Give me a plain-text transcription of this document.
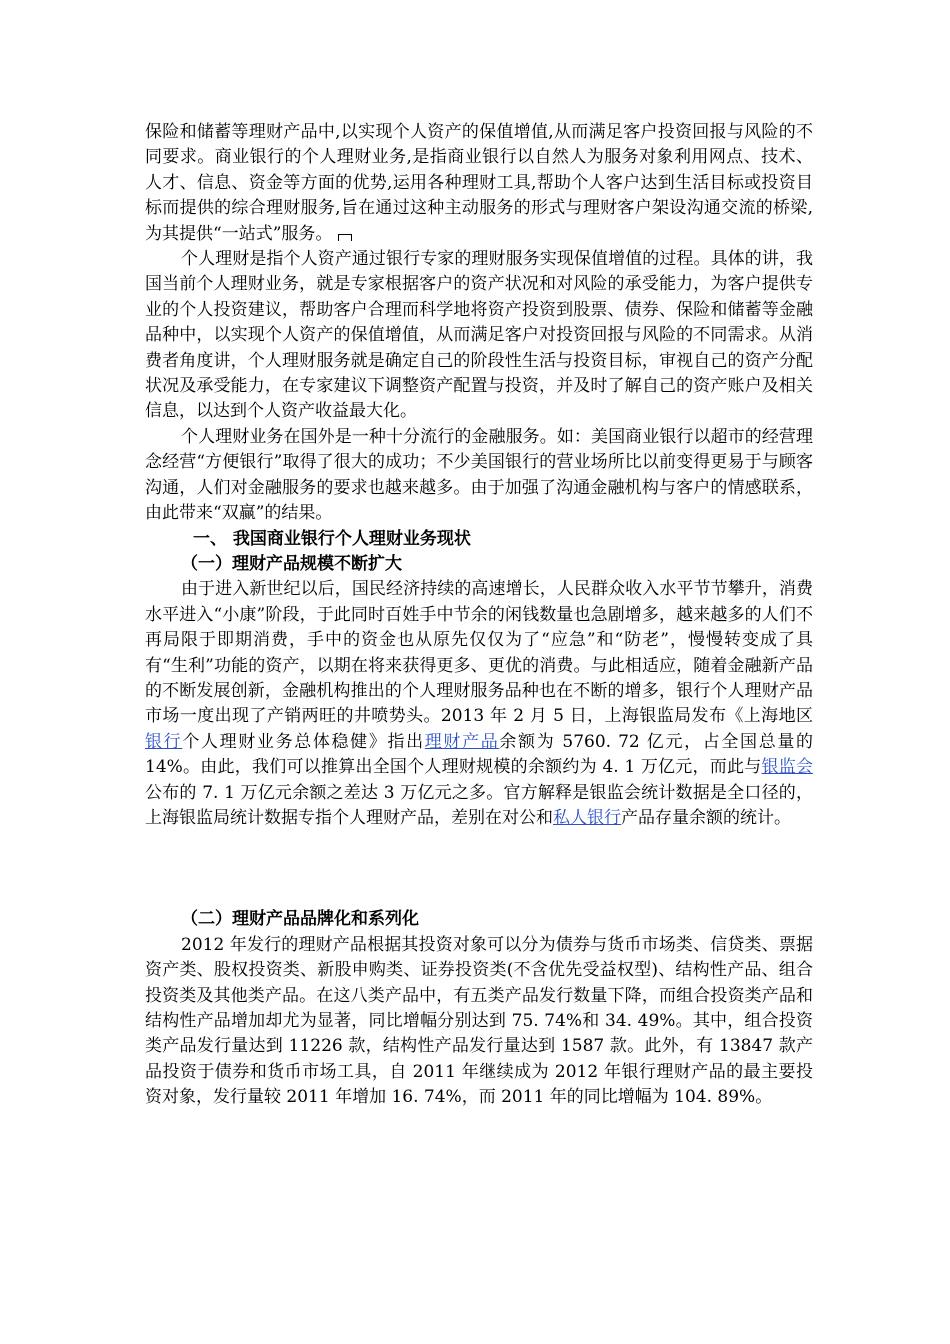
保险和储蓄等理财产品中,以实现个人资产的保值增值,从而满足客户投资回报与风险的不同要求。商业银行的个人理财业务,是指商业银行以自然人为服务对象利用网点、技术、人才、信息、资金等方面的优势,运用各种理财工具,帮助个人客户达到生活目标或投资目标而提供的综合理财服务,旨在通过这种主动服务的形式与理财客户架设沟通交流的桥梁,为其提供“一站式”服务。

个人理财是指个人资产通过银行专家的理财服务实现保值增值的过程。具体的讲，我国当前个人理财业务，就是专家根据客户的资产状况和对风险的承受能力，为客户提供专业的个人投资建议，帮助客户合理而科学地将资产投资到股票、债券、保险和储蓄等金融品种中，以实现个人资产的保值增值，从而满足客户对投资回报与风险的不同需求。从消费者角度讲，个人理财服务就是确定自己的阶段性生活与投资目标，审视自己的资产分配状况及承受能力，在专家建议下调整资产配置与投资，并及时了解自己的资产账户及相关信息，以达到个人资产收益最大化。

个人理财业务在国外是一种十分流行的金融服务。如：美国商业银行以超市的经营理念经营“方便银行”取得了很大的成功；不少美国银行的营业场所比以前变得更易于与顾客沟通，人们对金融服务的要求也越来越多。由于加强了沟通金融机构与客户的情感联系，由此带来“双赢”的结果。

一、 我国商业银行个人理财业务现状

（一）理财产品规模不断扩大

由于进入新世纪以后，国民经济持续的高速增长，人民群众收入水平节节攀升，消费水平进入“小康”阶段，于此同时百姓手中节余的闲钱数量也急剧增多，越来越多的人们不再局限于即期消费，手中的资金也从原先仅仅为了“应急”和“防老”，慢慢转变成了具有“生利”功能的资产，以期在将来获得更多、更优的消费。与此相适应，随着金融新产品的不断发展创新，金融机构推出的个人理财服务品种也在不断的增多，银行个人理财产品市场一度出现了产销两旺的井喷势头。2013 年 2 月 5 日，上海银监局发布《上海地区银行个人理财业务总体稳健》指出理财产品余额为 5760. 72 亿元，占全国总量的 14%。由此，我们可以推算出全国个人理财规模的余额约为 4. 1 万亿元，而此与银监会公布的 7. 1 万亿元余额之差达 3 万亿元之多。官方解释是银监会统计数据是全口径的，上海银监局统计数据专指个人理财产品，差别在对公和私人银行产品存量余额的统计。

（二）理财产品品牌化和系列化

2012 年发行的理财产品根据其投资对象可以分为债券与货币市场类、信贷类、票据资产类、股权投资类、新股申购类、证券投资类(不含优先受益权型)、结构性产品、组合投资类及其他类产品。在这八类产品中，有五类产品发行数量下降，而组合投资类产品和结构性产品增加却尤为显著，同比增幅分别达到 75. 74%和 34. 49%。其中，组合投资类产品发行量达到 11226 款，结构性产品发行量达到 1587 款。此外，有 13847 款产品投资于债券和货币市场工具，自 2011 年继续成为 2012 年银行理财产品的最主要投资对象，发行量较 2011 年增加 16. 74%，而 2011 年的同比增幅为 104. 89%。
